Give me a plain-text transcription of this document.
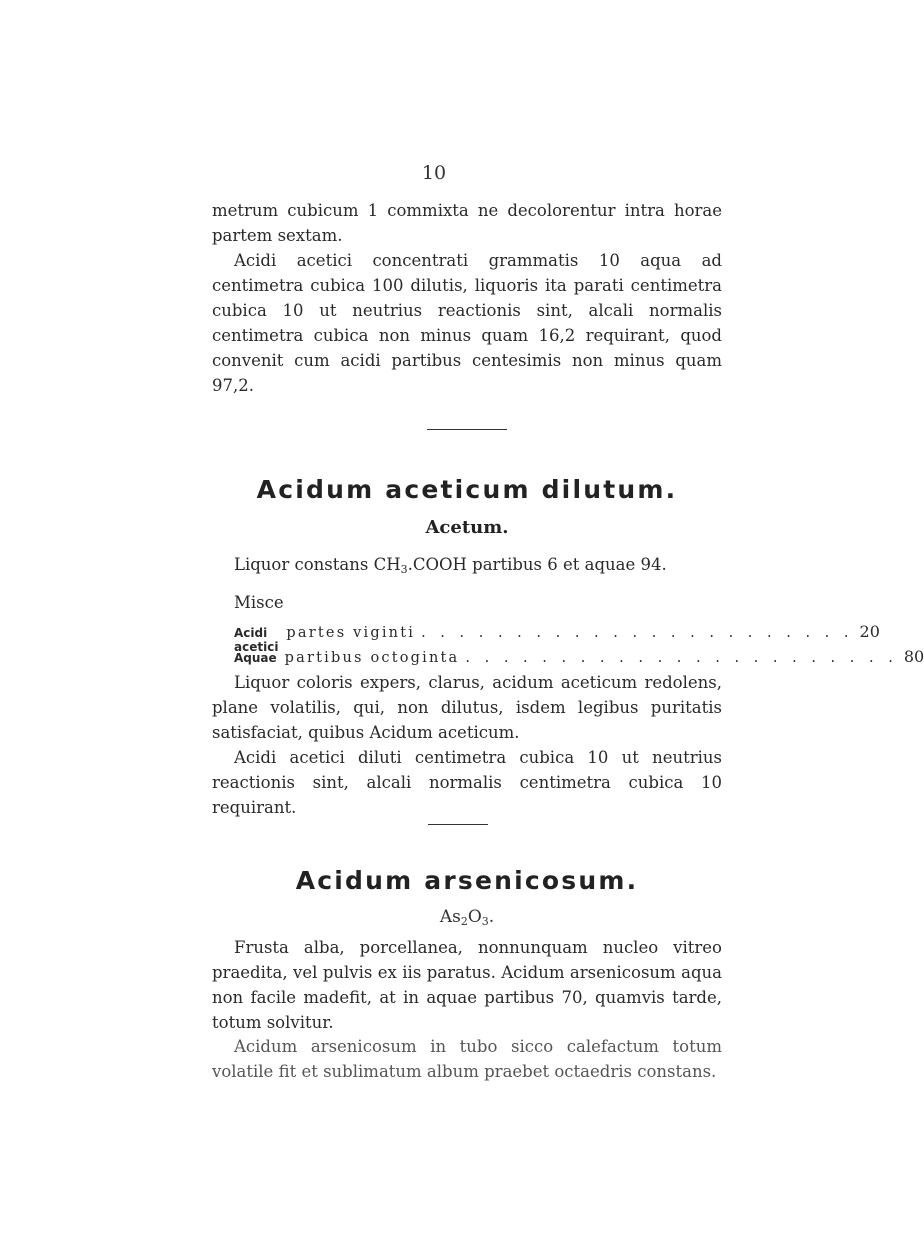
10

metrum cubicum 1 commixta ne decolorentur intra horae partem sextam.

Acidi acetici concentrati grammatis 10 aqua ad centimetra cubica 100 dilutis, liquoris ita parati centimetra cubica 10 ut neutrius reactionis sint, alcali normalis centimetra cubica non minus quam 16,2 requirant, quod convenit cum acidi partibus centesimis non minus quam 97,2.

Acidum aceticum dilutum.
Acetum.

Liquor constans $CH_3.COOH$ partibus 6 et aquae 94.

Misce

Acidi acetici
partes viginti . . . . . . . . . . . . . . . . . . . . . . . 20
Aquae partibus octoginta . . . . . . . . . . . . . . . . . . . . . . . 80

Liquor coloris expers, clarus, acidum aceticum redolens, plane volatilis, qui, non dilutus, isdem legibus puritatis satisfaciat, quibus Acidum aceticum.

Acidi acetici diluti centimetra cubica 10 ut neutrius reactionis sint, alcali normalis centimetra cubica 10 requirant.

Acidum arsenicosum.
$As_2O_3$.

Frusta alba, porcellanea, nonnunquam nucleo vitreo praedita, vel pulvis ex iis paratus. Acidum arsenicosum aqua non facile madefit, at in aquae partibus 70, quamvis tarde, totum solvitur.

Acidum arsenicosum in tubo sicco calefactum totum volatile fit et sublimatum album praebet octaedris constans.
